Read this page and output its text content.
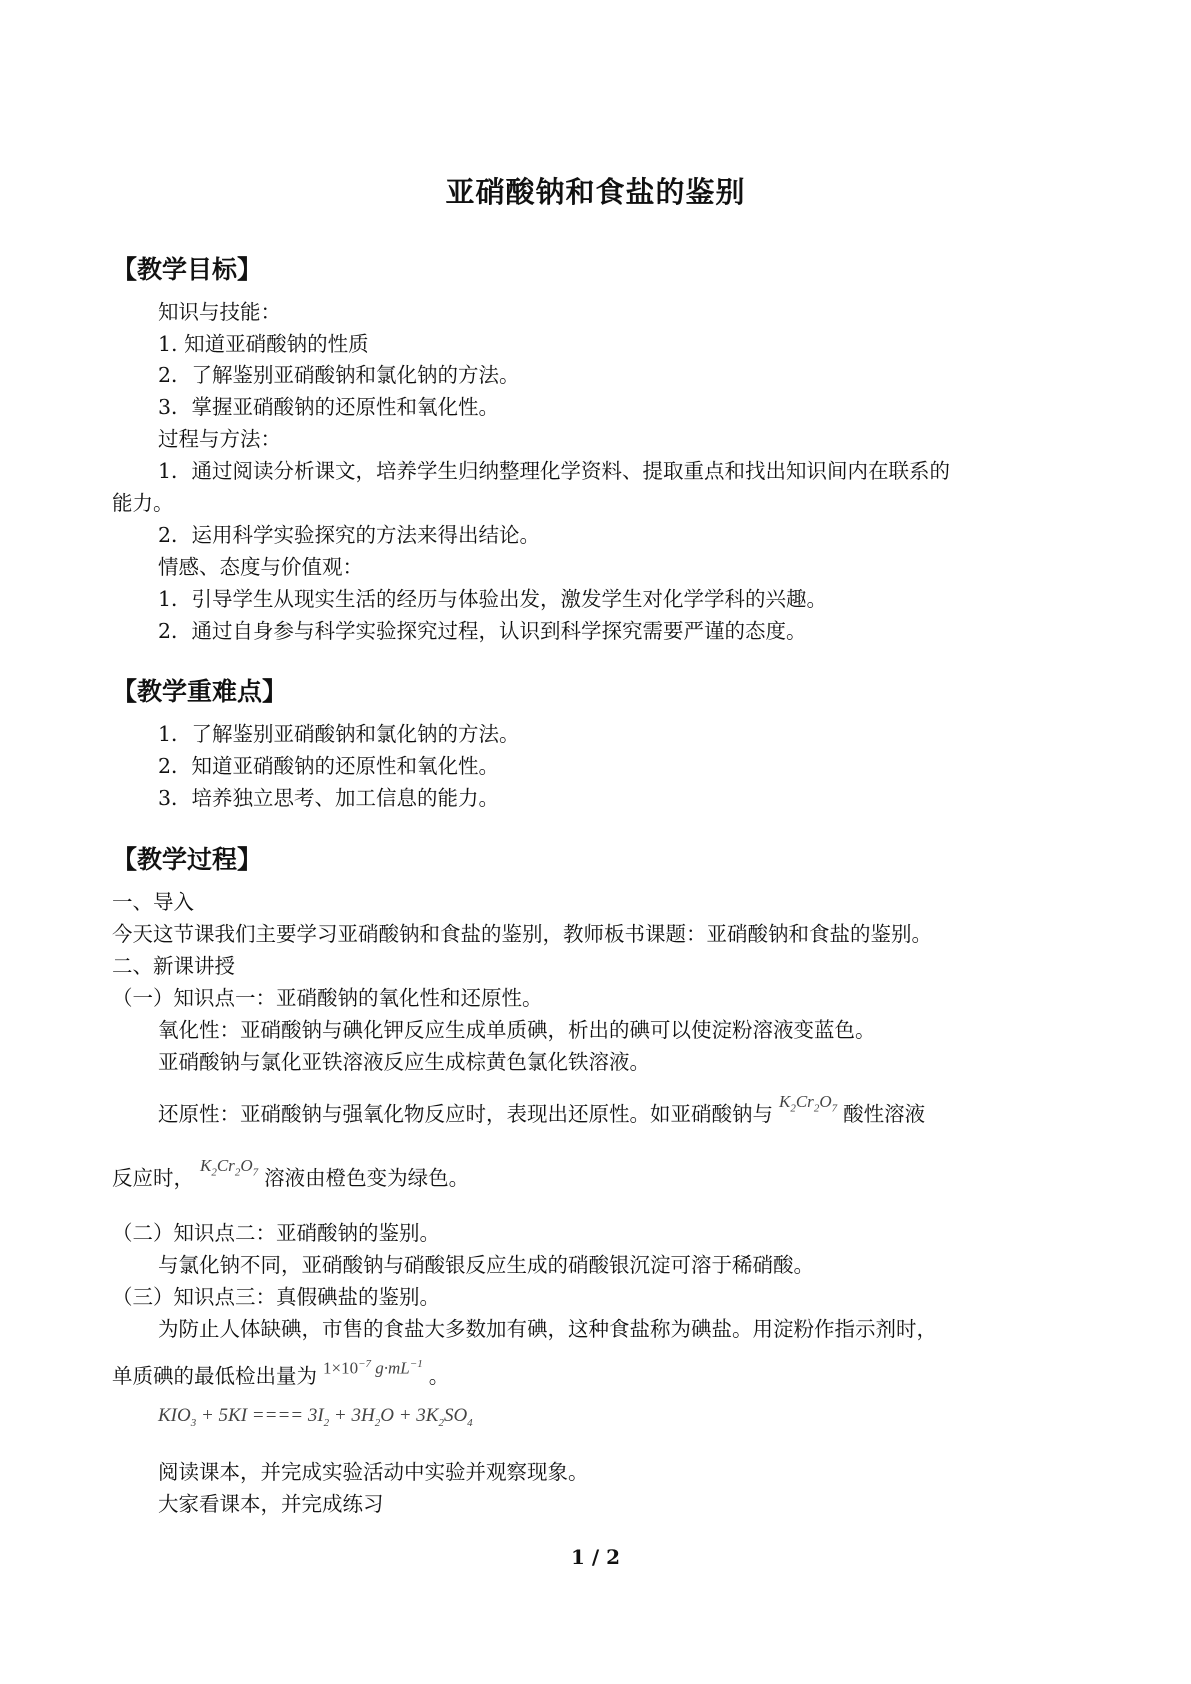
亚硝酸钠和食盐的鉴别
【教学目标】
知识与技能：
1. 知道亚硝酸钠的性质
2．了解鉴别亚硝酸钠和氯化钠的方法。
3．掌握亚硝酸钠的还原性和氧化性。
过程与方法：
1．通过阅读分析课文，培养学生归纳整理化学资料、提取重点和找出知识间内在联系的
能力。
2．运用科学实验探究的方法来得出结论。
情感、态度与价值观：
1．引导学生从现实生活的经历与体验出发，激发学生对化学学科的兴趣。
2．通过自身参与科学实验探究过程，认识到科学探究需要严谨的态度。
【教学重难点】
1．了解鉴别亚硝酸钠和氯化钠的方法。
2．知道亚硝酸钠的还原性和氧化性。
3．培养独立思考、加工信息的能力。
【教学过程】
一、导入
今天这节课我们主要学习亚硝酸钠和食盐的鉴别，教师板书课题：亚硝酸钠和食盐的鉴别。
二、新课讲授
（一）知识点一：亚硝酸钠的氧化性和还原性。
氧化性：亚硝酸钠与碘化钾反应生成单质碘，析出的碘可以使淀粉溶液变蓝色。
亚硝酸钠与氯化亚铁溶液反应生成棕黄色氯化铁溶液。
还原性：亚硝酸钠与强氧化物反应时，表现出还原性。如亚硝酸钠与$K_2Cr_2O_7$ 酸性溶液
反应时，$K_2Cr_2O_7$ 溶液由橙色变为绿色。
（二）知识点二：亚硝酸钠的鉴别。
与氯化钠不同，亚硝酸钠与硝酸银反应生成的硝酸银沉淀可溶于稀硝酸。
（三）知识点三：真假碘盐的鉴别。
为防止人体缺碘，市售的食盐大多数加有碘，这种食盐称为碘盐。用淀粉作指示剂时，
单质碘的最低检出量为 $1\times 10^{-7}$ $g\cdot mL^{-1}$ 。
$KIO_3 + 5KI$ ==== $3I_2 + 3H_2O + 3K_2SO_4$
阅读课本，并完成实验活动中实验并观察现象。
大家看课本，并完成练习
1 / 2
